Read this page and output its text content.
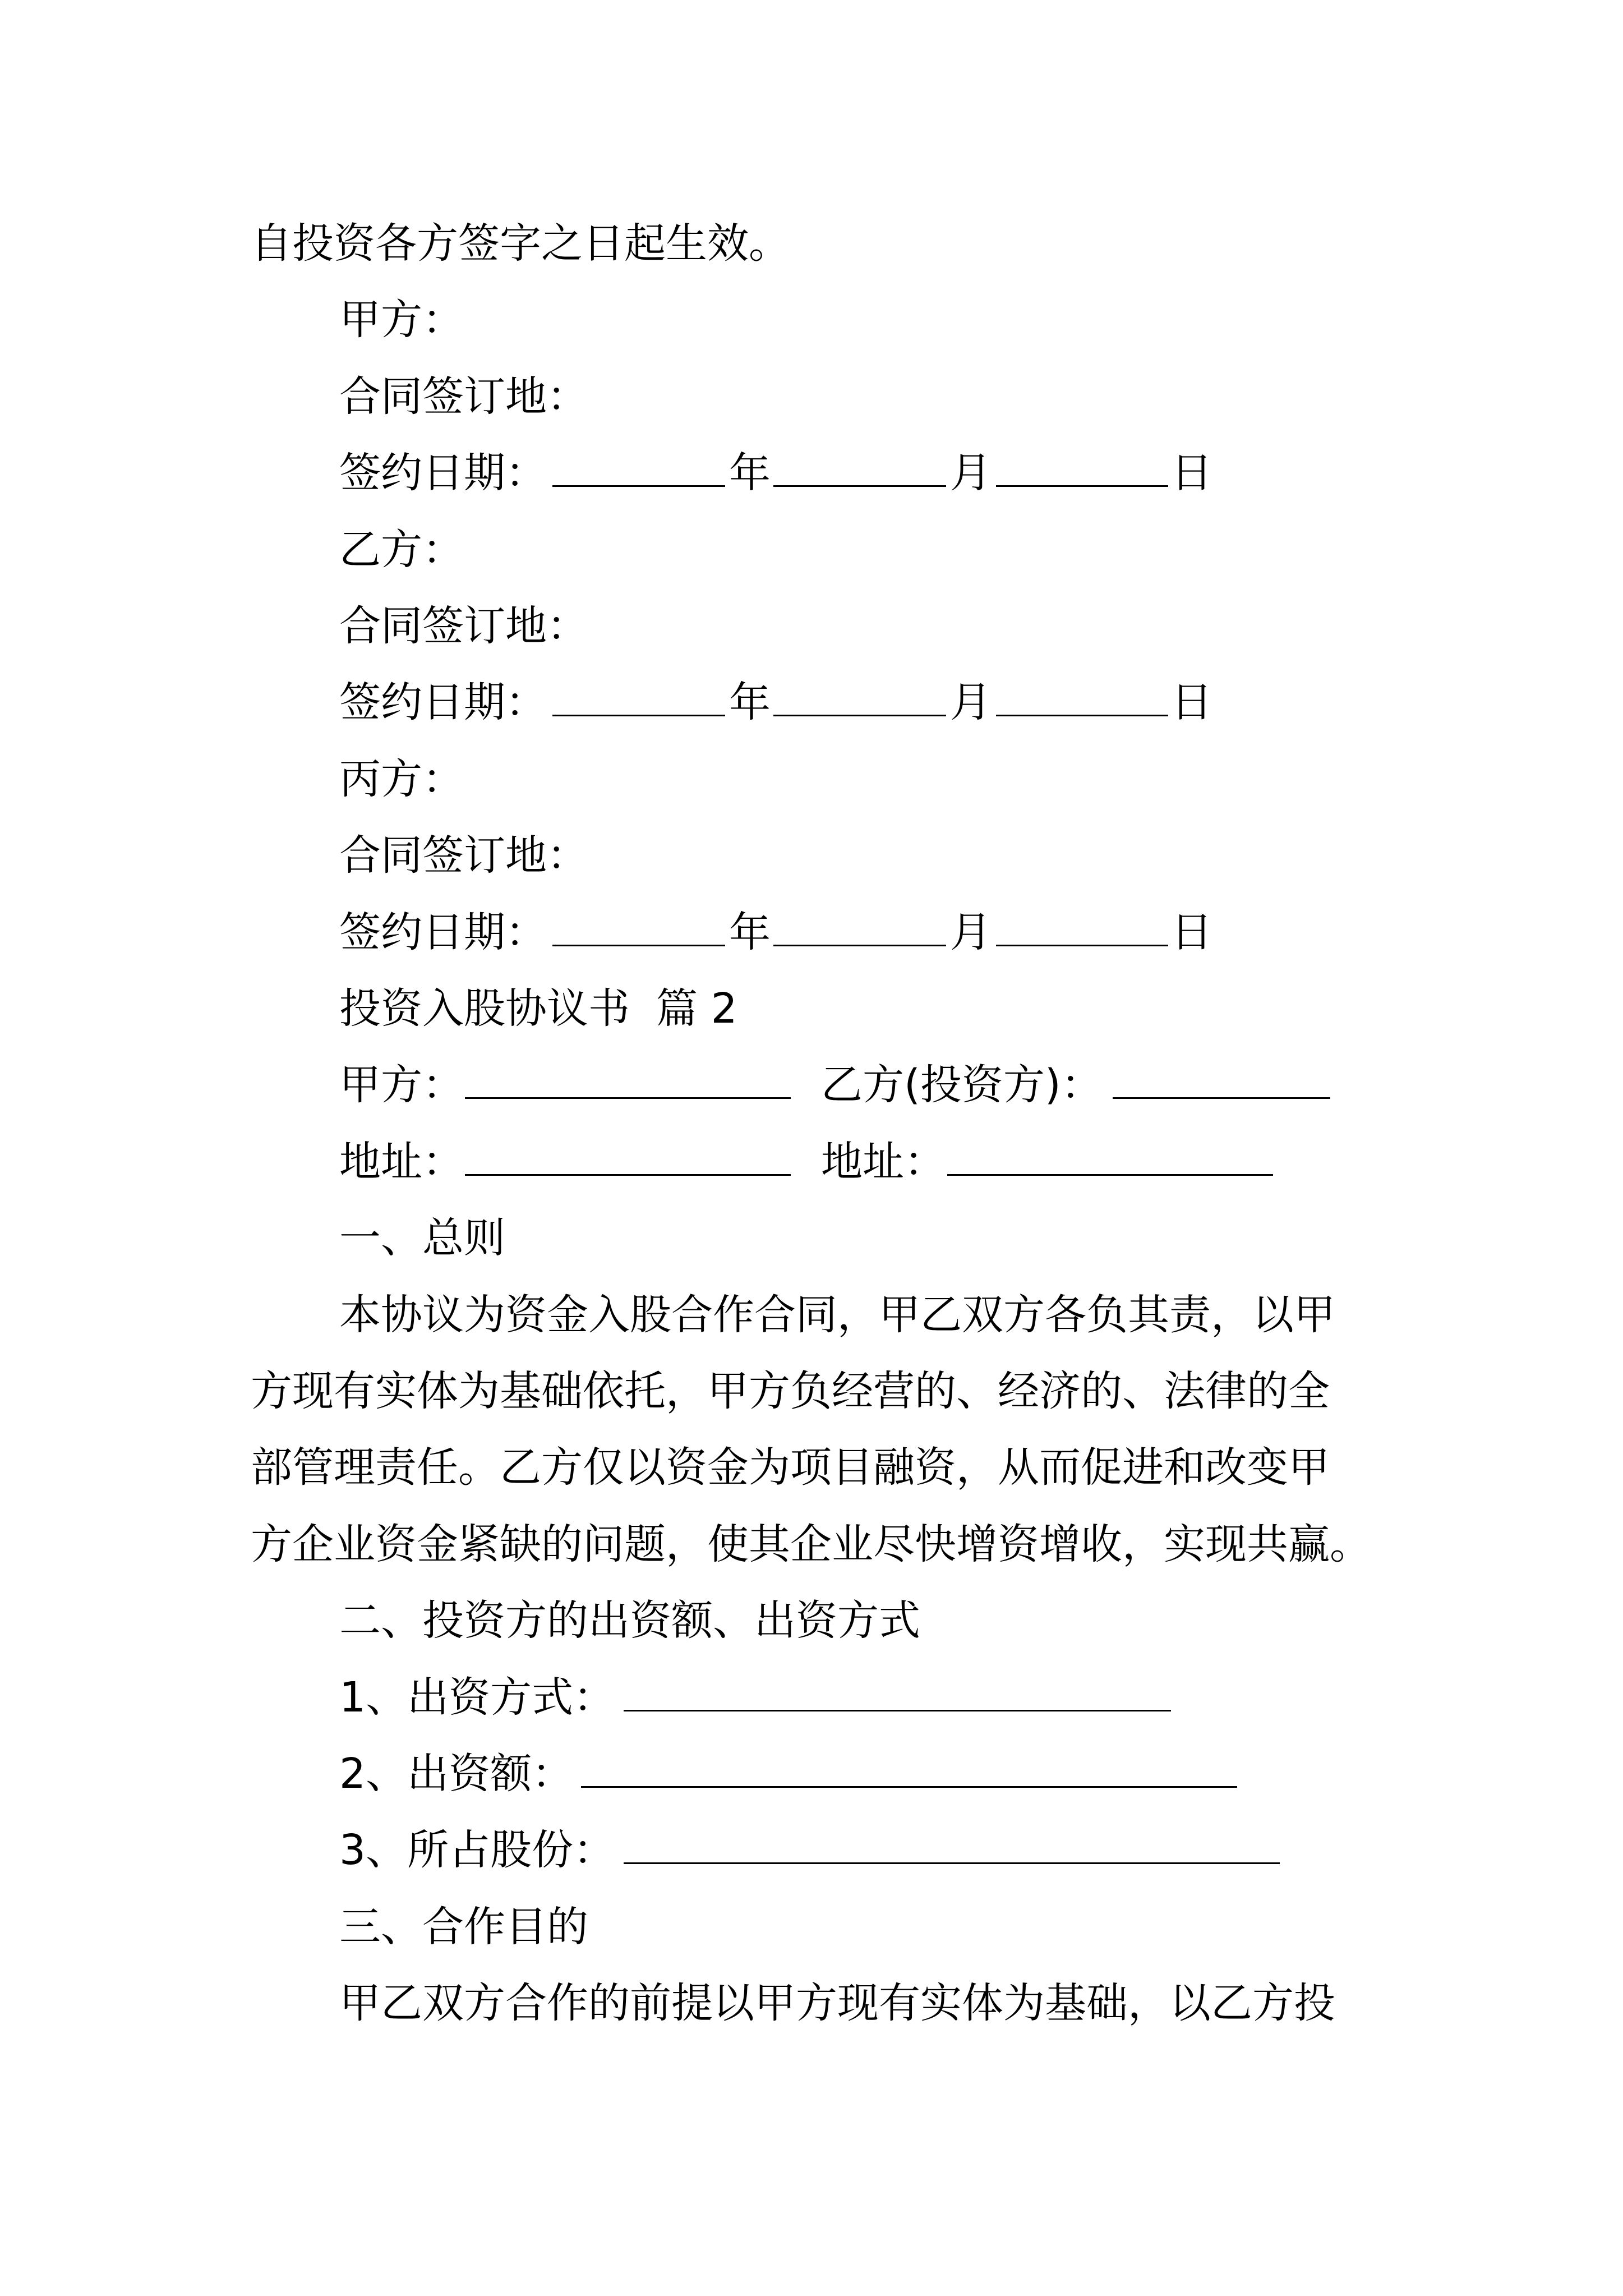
自投资各方签字之日起生效。
甲方：
合同签订地：
签约日期：	年	月	日
乙方：
合同签订地：
签约日期：	年	月	日
丙方：
合同签订地：
签约日期：	年	月	日
投资入股协议书  篇 2
甲方：	乙方(投资方)：
地址：	地址：
一、总则
本协议为资金入股合作合同，甲乙双方各负其责，以甲
方现有实体为基础依托，甲方负经营的、经济的、法律的全
部管理责任。乙方仅以资金为项目融资，从而促进和改变甲
方企业资金紧缺的问题，使其企业尽快增资增收，实现共赢。
二、投资方的出资额、出资方式
1、出资方式：
2、出资额：
3、所占股份：
三、合作目的
甲乙双方合作的前提以甲方现有实体为基础，以乙方投
